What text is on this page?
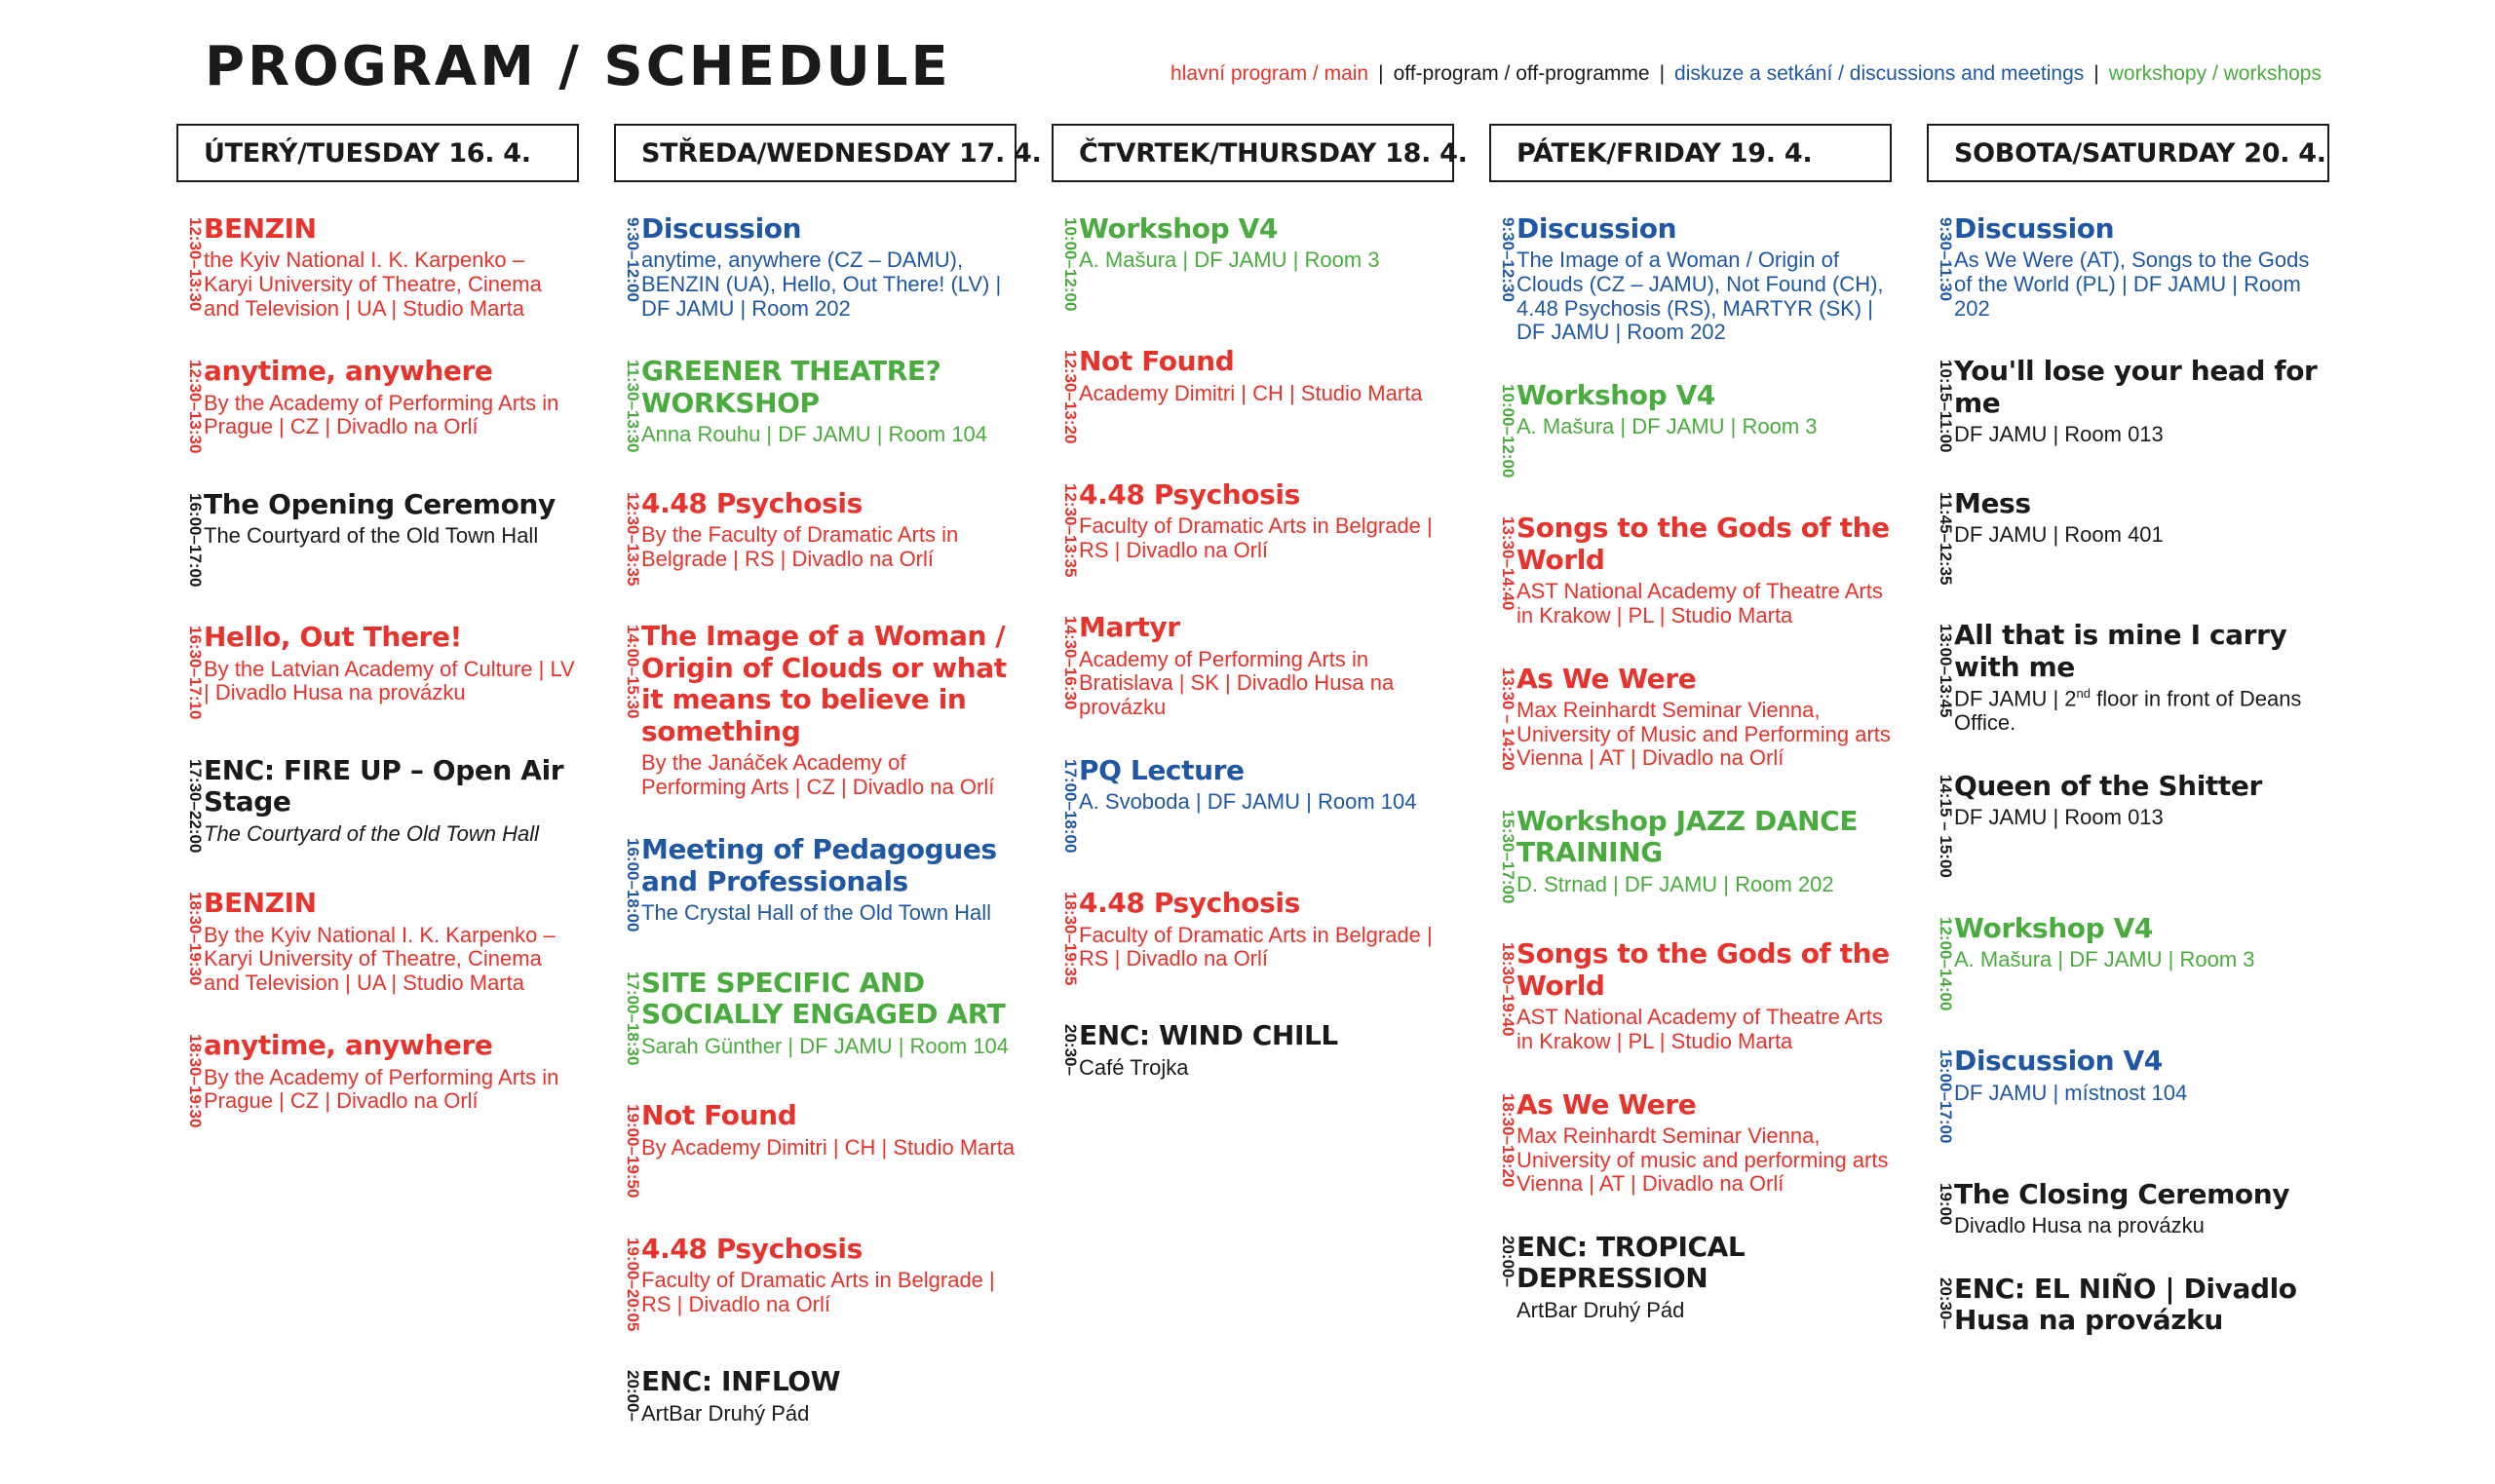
PROGRAM / SCHEDULE	hlavní program / main | off-program / off-programme | diskuze a setkání / discussions and meetings | workshopy / workshops
ÚTERÝ/TUESDAY 16. 4.
12:30–13:30 BENZIN
the Kyiv National I. K. Karpenko – Karyi University of Theatre, Cinema and Television | UA | Studio Marta
12:30–13:30 anytime, anywhere
By the Academy of Performing Arts in Prague | CZ | Divadlo na Orlí
16:00–17:00 The Opening Ceremony
The Courtyard of the Old Town Hall
16:30–17:10 Hello, Out There!
By the Latvian Academy of Culture | LV | Divadlo Husa na provázku
17:30–22:00 ENC: FIRE UP – Open Air Stage
The Courtyard of the Old Town Hall
18:30–19:30 BENZIN
By the Kyiv National I. K. Karpenko – Karyi University of Theatre, Cinema and Television | UA | Studio Marta
18:30–19:30 anytime, anywhere
By the Academy of Performing Arts in Prague | CZ | Divadlo na Orlí
STŘEDA/WEDNESDAY 17. 4.
9:30–12:00 Discussion
anytime, anywhere (CZ – DAMU), BENZIN (UA), Hello, Out There! (LV) | DF JAMU | Room 202
11:30–13:30 GREENER THEATRE? WORKSHOP
Anna Rouhu | DF JAMU | Room 104
12:30–13:35 4.48 Psychosis
By the Faculty of Dramatic Arts in Belgrade | RS | Divadlo na Orlí
14:00–15:30 The Image of a Woman / Origin of Clouds or what it means to believe in something
By the Janáček Academy of Performing Arts | CZ | Divadlo na Orlí
16:00–18:00 Meeting of Pedagogues and Professionals
The Crystal Hall of the Old Town Hall
17:00–18:30 SITE SPECIFIC AND SOCIALLY ENGAGED ART
Sarah Günther | DF JAMU | Room 104
19:00–19:50 Not Found
By Academy Dimitri | CH | Studio Marta
19:00–20:05 4.48 Psychosis
Faculty of Dramatic Arts in Belgrade | RS | Divadlo na Orlí
20:00– ENC: INFLOW
ArtBar Druhý Pád
ČTVRTEK/THURSDAY 18. 4.
10:00–12:00 Workshop V4
A. Mašura | DF JAMU | Room 3
12:30–13:20 Not Found
Academy Dimitri | CH | Studio Marta
12:30–13:35 4.48 Psychosis
Faculty of Dramatic Arts in Belgrade | RS | Divadlo na Orlí
14:30–16:30 Martyr
Academy of Performing Arts in Bratislava | SK | Divadlo Husa na provázku
17:00–18:00 PQ Lecture
A. Svoboda | DF JAMU | Room 104
18:30–19:35 4.48 Psychosis
Faculty of Dramatic Arts in Belgrade | RS | Divadlo na Orlí
20:30– ENC: WIND CHILL
Café Trojka
PÁTEK/FRIDAY 19. 4.
9:30–12:30 Discussion
The Image of a Woman / Origin of Clouds (CZ – JAMU), Not Found (CH), 4.48 Psychosis (RS), MARTYR (SK) | DF JAMU | Room 202
10:00–12:00 Workshop V4
A. Mašura | DF JAMU | Room 3
13:30–14:40 Songs to the Gods of the World
AST National Academy of Theatre Arts in Krakow | PL | Studio Marta
13:30 – 14:20 As We Were
Max Reinhardt Seminar Vienna, University of Music and Performing arts Vienna | AT | Divadlo na Orlí
15:30–17:00 Workshop JAZZ DANCE TRAINING
D. Strnad | DF JAMU | Room 202
18:30–19:40 Songs to the Gods of the World
AST National Academy of Theatre Arts in Krakow | PL | Studio Marta
18:30–19:20 As We Were
Max Reinhardt Seminar Vienna, University of music and performing arts Vienna | AT | Divadlo na Orlí
20:00– ENC: TROPICAL DEPRESSION
ArtBar Druhý Pád
SOBOTA/SATURDAY 20. 4.
9:30–11:30 Discussion
As We Were (AT), Songs to the Gods of the World (PL) | DF JAMU | Room 202
10:15–11:00 You'll lose your head for me
DF JAMU | Room 013
11:45–12:35 Mess
DF JAMU | Room 401
13:00–13:45 All that is mine I carry with me
DF JAMU | 2nd floor in front of Deans Office.
14:15 – 15:00 Queen of the Shitter
DF JAMU | Room 013
12:00–14:00 Workshop V4
A. Mašura | DF JAMU | Room 3
15:00–17:00 Discussion V4
DF JAMU | místnost 104
19:00 The Closing Ceremony
Divadlo Husa na provázku
20:30– ENC: EL NIÑO | Divadlo Husa na provázku
